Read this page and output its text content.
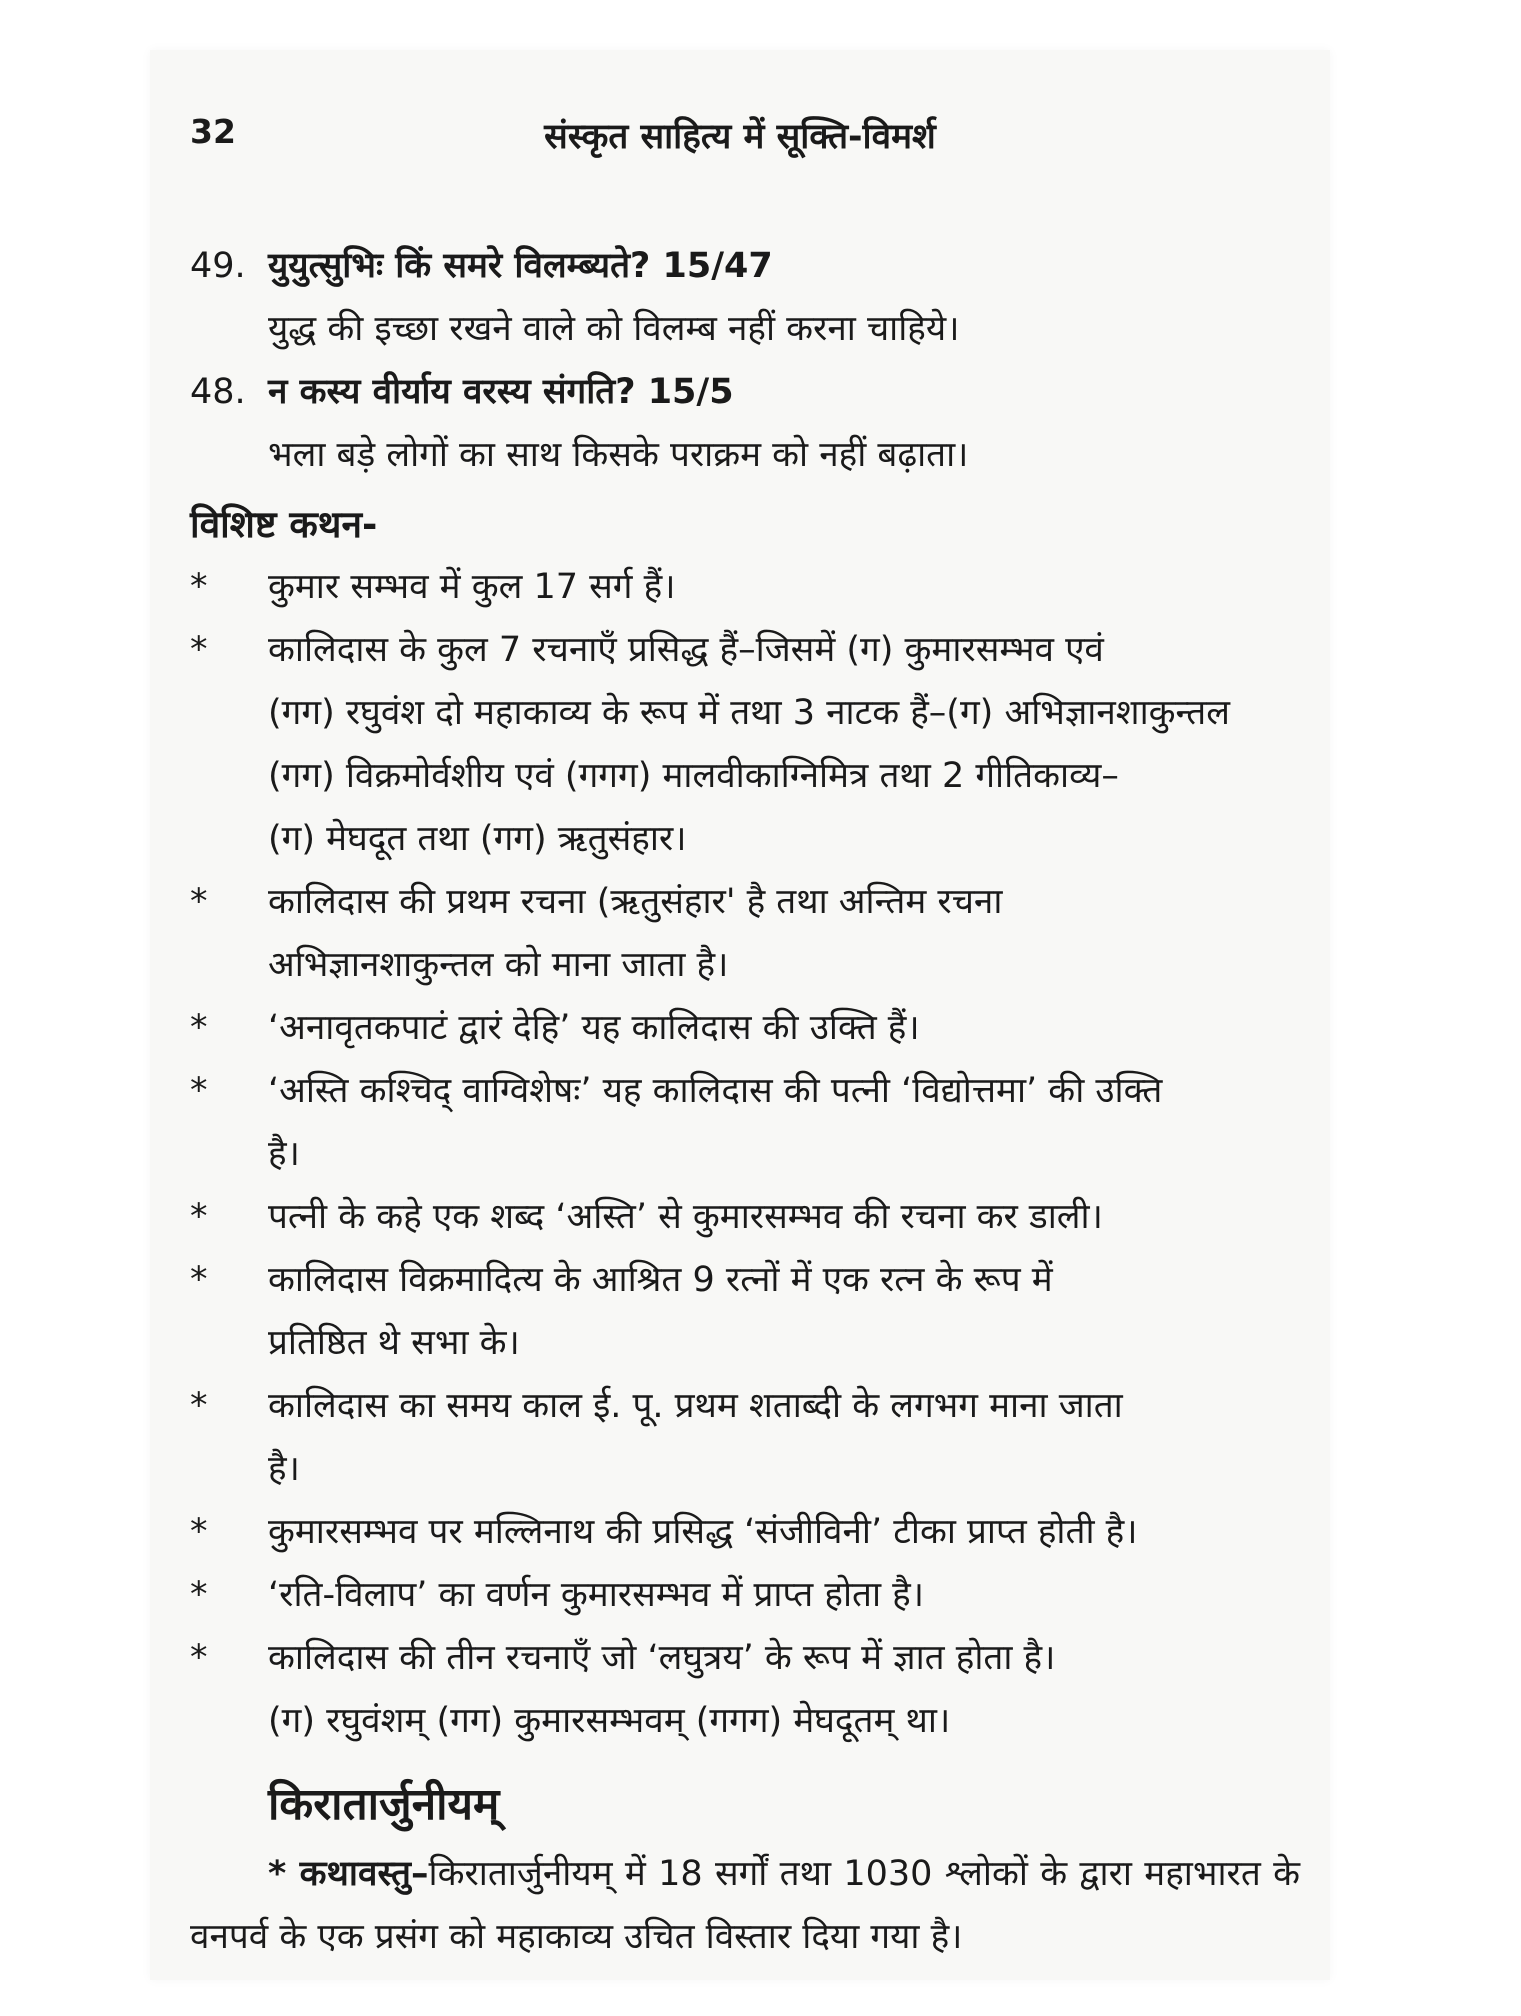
32	संस्कृत साहित्य में सूक्ति-विमर्श
49. युयुत्सुभिः किं समरे विलम्ब्यते? 15/47
युद्ध की इच्छा रखने वाले को विलम्ब नहीं करना चाहिये।
48. न कस्य वीर्याय वरस्य संगति? 15/5
भला बड़े लोगों का साथ किसके पराक्रम को नहीं बढ़ाता।
विशिष्ट कथन-
*	कुमार सम्भव में कुल 17 सर्ग हैं।
*	कालिदास के कुल 7 रचनाएँ प्रसिद्ध हैं–जिसमें (ग) कुमारसम्भव एवं
(गग) रघुवंश दो महाकाव्य के रूप में तथा 3 नाटक हैं–(ग) अभिज्ञानशाकुन्तल
(गग) विक्रमोर्वशीय एवं (गगग) मालवीकाग्निमित्र तथा 2 गीतिकाव्य–
(ग) मेघदूत तथा (गग) ऋतुसंहार।
*	कालिदास की प्रथम रचना (ऋतुसंहार' है तथा अन्तिम रचना
अभिज्ञानशाकुन्तल को माना जाता है।
*	‘अनावृतकपाटं द्वारं देहि’ यह कालिदास की उक्ति हैं।
*	‘अस्ति कश्चिद्‌ वाग्विशेषः’ यह कालिदास की पत्नी ‘विद्योत्तमा’ की उक्ति
है।
*	पत्नी के कहे एक शब्द ‘अस्ति’ से कुमारसम्भव की रचना कर डाली।
*	कालिदास विक्रमादित्य के आश्रित 9 रत्नों में एक रत्न के रूप में
प्रतिष्ठित थे सभा के।
*	कालिदास का समय काल ई. पू. प्रथम शताब्दी के लगभग माना जाता
है।
*	कुमारसम्भव पर मल्लिनाथ की प्रसिद्ध ‘संजीविनी’ टीका प्राप्त होती है।
*	‘रति-विलाप’ का वर्णन कुमारसम्भव में प्राप्त होता है।
*	कालिदास की तीन रचनाएँ जो ‘लघुत्रय’ के रूप में ज्ञात होता है।
(ग) रघुवंशम्‌ (गग) कुमारसम्भवम्‌ (गगग) मेघदूतम्‌ था।
किरातार्जुनीयम्‌
* कथावस्तु–किरातार्जुनीयम्‌ में 18 सर्गों तथा 1030 श्लोकों के द्वारा महाभारत के वनपर्व के एक प्रसंग को महाकाव्य उचित विस्तार दिया गया है।
